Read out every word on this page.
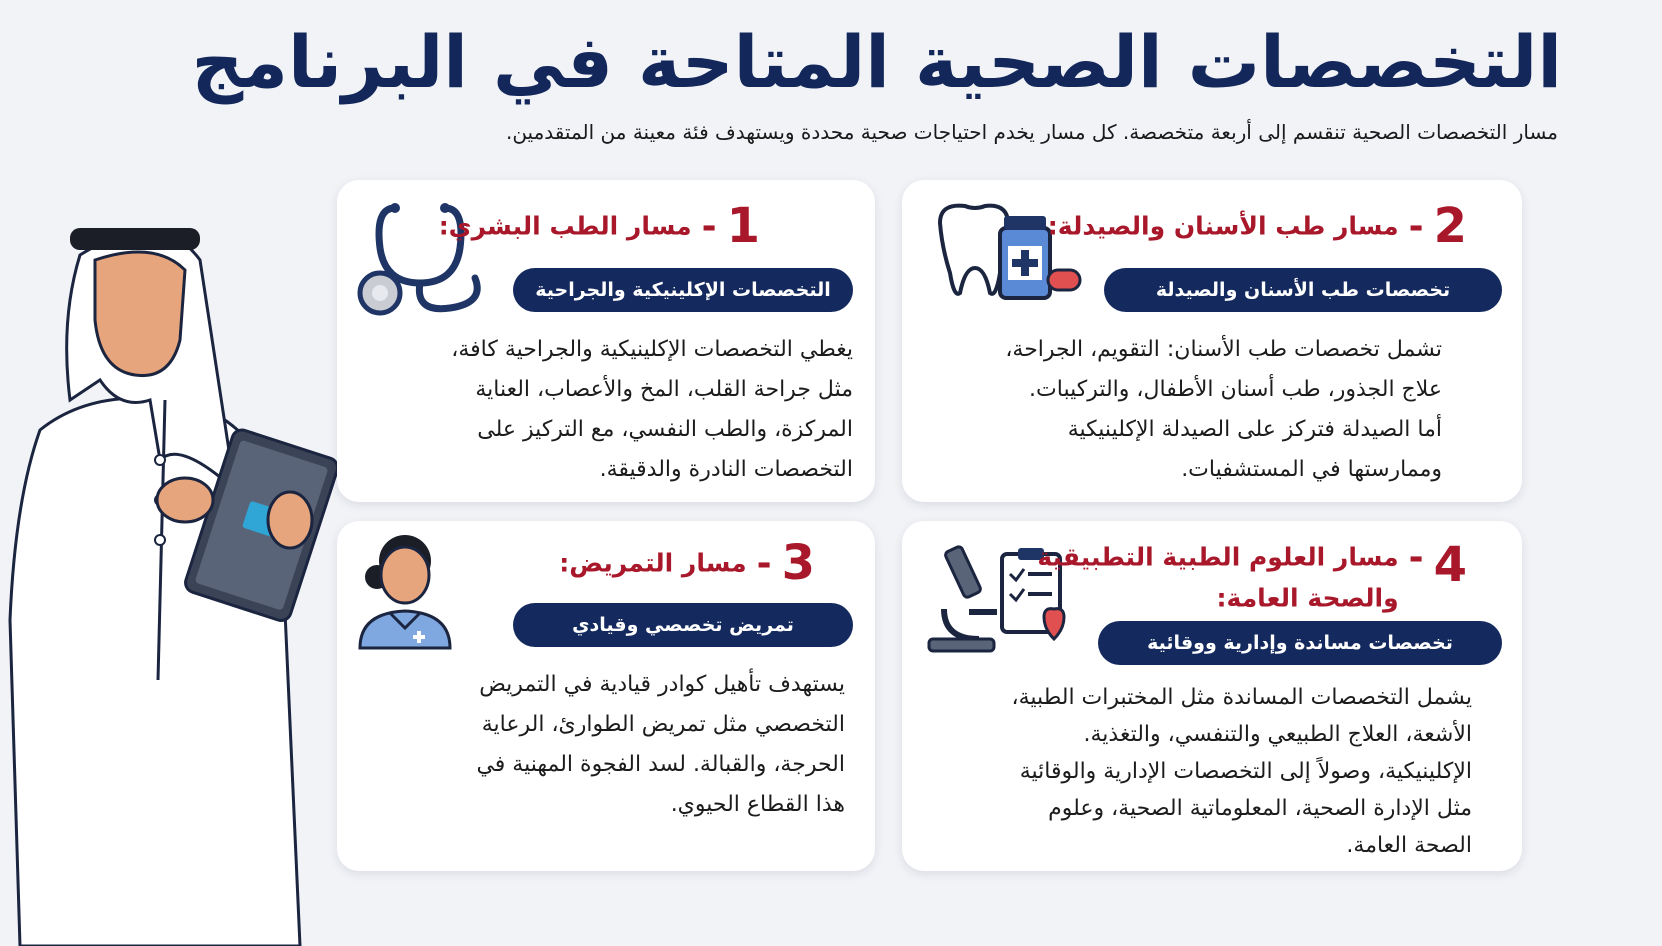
التخصصات الصحية المتاحة في البرنامج
مسار التخصصات الصحية تنقسم إلى أربعة متخصصة. كل مسار يخدم احتياجات صحية محددة ويستهدف فئة معينة من المتقدمين.
1-مسار الطب البشري:
التخصصات الإكلينيكية والجراحية
يغطي التخصصات الإكلينيكية والجراحية كافة،
مثل جراحة القلب، المخ والأعصاب، العناية
المركزة، والطب النفسي، مع التركيز على
التخصصات النادرة والدقيقة.
2-مسار طب الأسنان والصيدلة:
تخصصات طب الأسنان والصيدلة
تشمل تخصصات طب الأسنان: التقويم، الجراحة،
علاج الجذور، طب أسنان الأطفال، والتركيبات.
أما الصيدلة فتركز على الصيدلة الإكلينيكية
وممارستها في المستشفيات.
3-مسار التمريض:
تمريض تخصصي وقيادي
يستهدف تأهيل كوادر قيادية في التمريض
التخصصي مثل تمريض الطوارئ، الرعاية
الحرجة، والقبالة. لسد الفجوة المهنية في
هذا القطاع الحيوي.
4-مسار العلوم الطبية التطبيقية
والصحة العامة:
تخصصات مساندة وإدارية ووقائية
يشمل التخصصات المساندة مثل المختبرات الطبية،
الأشعة، العلاج الطبيعي والتنفسي، والتغذية.
الإكلينيكية، وصولاً إلى التخصصات الإدارية والوقائية
مثل الإدارة الصحية، المعلوماتية الصحية، وعلوم
الصحة العامة.
